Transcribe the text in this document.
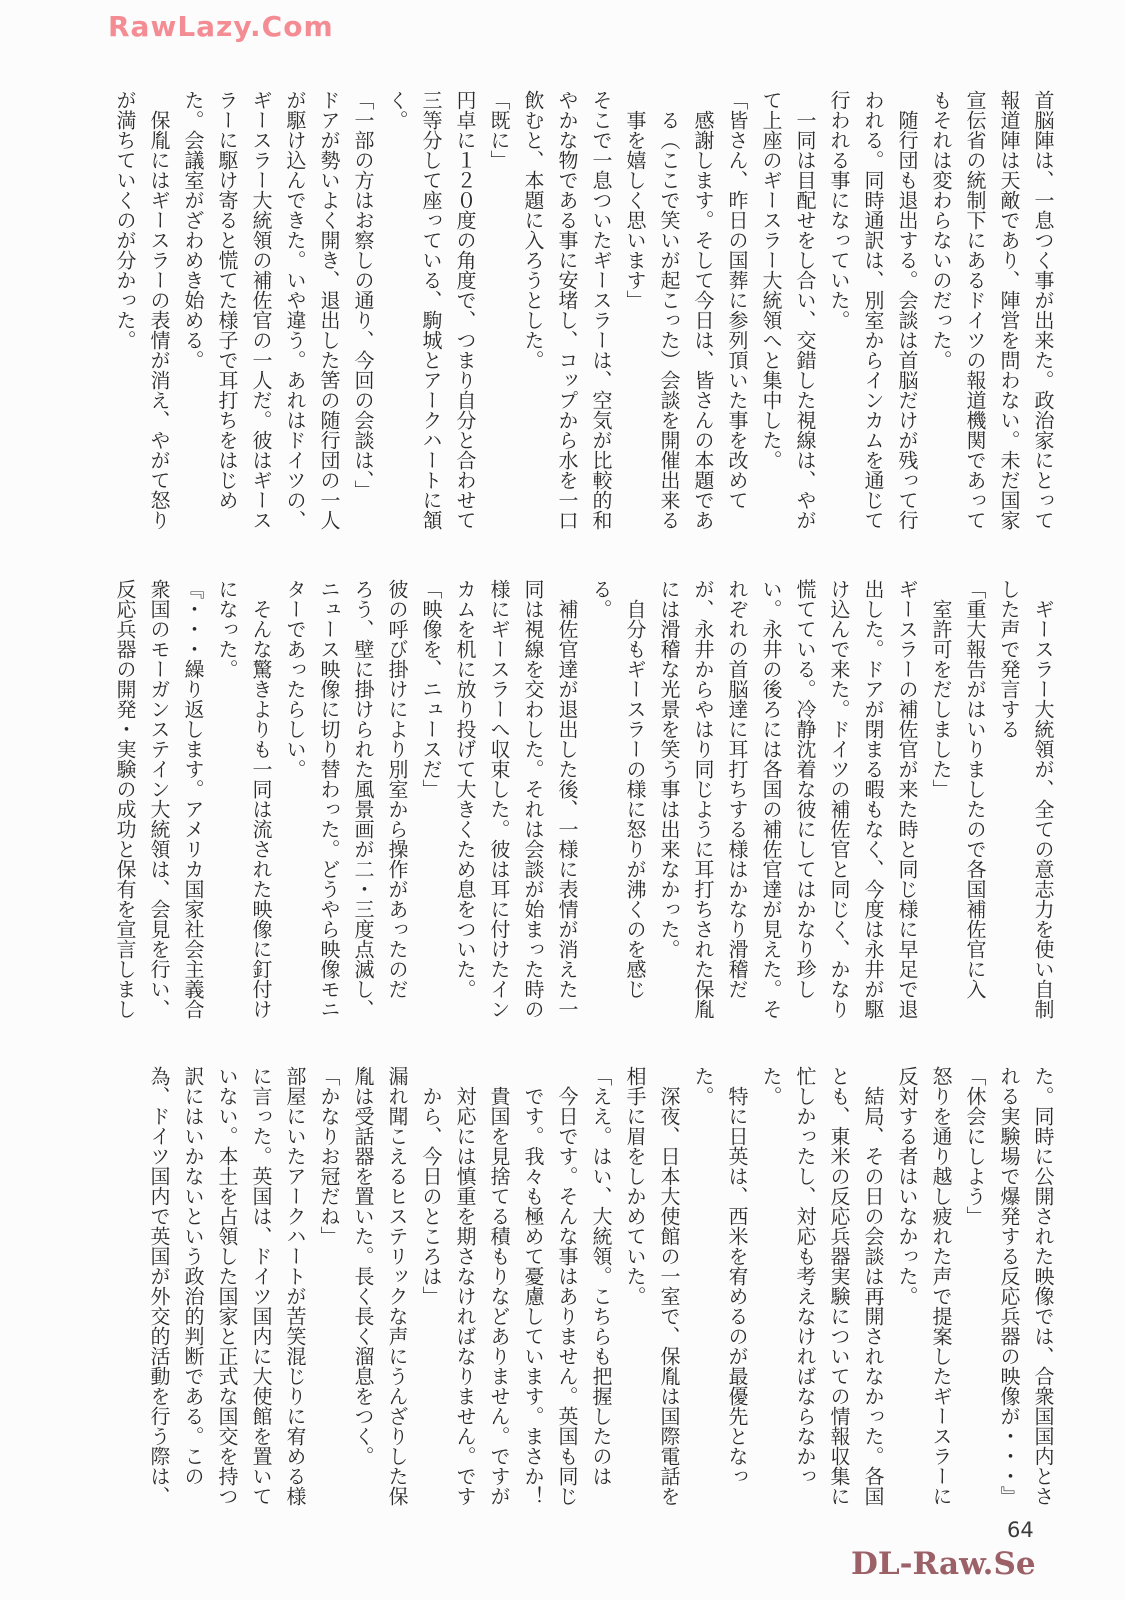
RawLazy.Com

首脳陣は、一息つく事が出来た。政治家にとって

報道陣は天敵であり、陣営を問わない。未だ国家

宣伝省の統制下にあるドイツの報道機関であって

もそれは変わらないのだった。

随行団も退出する。会談は首脳だけが残って行

われる。同時通訳は、別室からインカムを通じて

行われる事になっていた。

一同は目配せをし合い、交錯した視線は、やが

て上座のギースラー大統領へと集中した。

「皆さん、昨日の国葬に参列頂いた事を改めて

感謝します。そして今日は、皆さんの本題であ

る（ここで笑いが起こった）会談を開催出来る

事を嬉しく思います」

そこで一息ついたギースラーは、空気が比較的和

やかな物である事に安堵し、コップから水を一口

飲むと、本題に入ろうとした。

「既に」

円卓に１２０度の角度で、つまり自分と合わせて

三等分して座っている、駒城とアークハートに頷

く。

「一部の方はお察しの通り、今回の会談は、」

ドアが勢いよく開き、退出した筈の随行団の一人

が駆け込んできた。いや違う。あれはドイツの、

ギースラー大統領の補佐官の一人だ。彼はギース

ラーに駆け寄ると慌てた様子で耳打ちをはじめ

た。会議室がざわめき始める。

保胤にはギースラーの表情が消え、やがて怒り

が満ちていくのが分かった。

ギースラー大統領が、全ての意志力を使い自制

した声で発言する

「重大報告がはいりましたので各国補佐官に入

室許可をだしました」

ギースラーの補佐官が来た時と同じ様に早足で退

出した。ドアが閉まる暇もなく、今度は永井が駆

け込んで来た。ドイツの補佐官と同じく、かなり

慌てている。冷静沈着な彼にしてはかなり珍し

い。永井の後ろには各国の補佐官達が見えた。そ

れぞれの首脳達に耳打ちする様はかなり滑稽だ

が、永井からやはり同じように耳打ちされた保胤

には滑稽な光景を笑う事は出来なかった。

自分もギースラーの様に怒りが沸くのを感じ

る。

補佐官達が退出した後、一様に表情が消えた一

同は視線を交わした。それは会談が始まった時の

様にギースラーへ収束した。彼は耳に付けたイン

カムを机に放り投げて大きくため息をついた。

「映像を、ニュースだ」

彼の呼び掛けにより別室から操作があったのだ

ろう、壁に掛けられた風景画が二・三度点滅し、

ニュース映像に切り替わった。どうやら映像モニ

ターであったらしい。

そんな驚きよりも一同は流された映像に釘付け

になった。

『・・・繰り返します。アメリカ国家社会主義合

衆国のモーガンステイン大統領は、会見を行い、

反応兵器の開発・実験の成功と保有を宣言しまし

た。同時に公開された映像では、合衆国国内とさ

れる実験場で爆発する反応兵器の映像が・・・』

「休会にしよう」

怒りを通り越し疲れた声で提案したギースラーに

反対する者はいなかった。

結局、その日の会談は再開されなかった。各国

とも、東米の反応兵器実験についての情報収集に

忙しかったし、対応も考えなければならなかっ

た。

特に日英は、西米を宥めるのが最優先となっ

た。

深夜、日本大使館の一室で、保胤は国際電話を

相手に眉をしかめていた。

「ええ。はい、大統領。こちらも把握したのは

今日です。そんな事はありません。英国も同じ

です。我々も極めて憂慮しています。まさか！

貴国を見捨てる積もりなどありません。ですが

対応には慎重を期さなければなりません。です

から、今日のところは」

漏れ聞こえるヒステリックな声にうんざりした保

胤は受話器を置いた。長く長く溜息をつく。

「かなりお冠だね」

部屋にいたアークハートが苦笑混じりに宥める様

に言った。英国は、ドイツ国内に大使館を置いて

いない。本土を占領した国家と正式な国交を持つ

訳にはいかないという政治的判断である。この

為、ドイツ国内で英国が外交的活動を行う際は、

64
DL-Raw.Se
